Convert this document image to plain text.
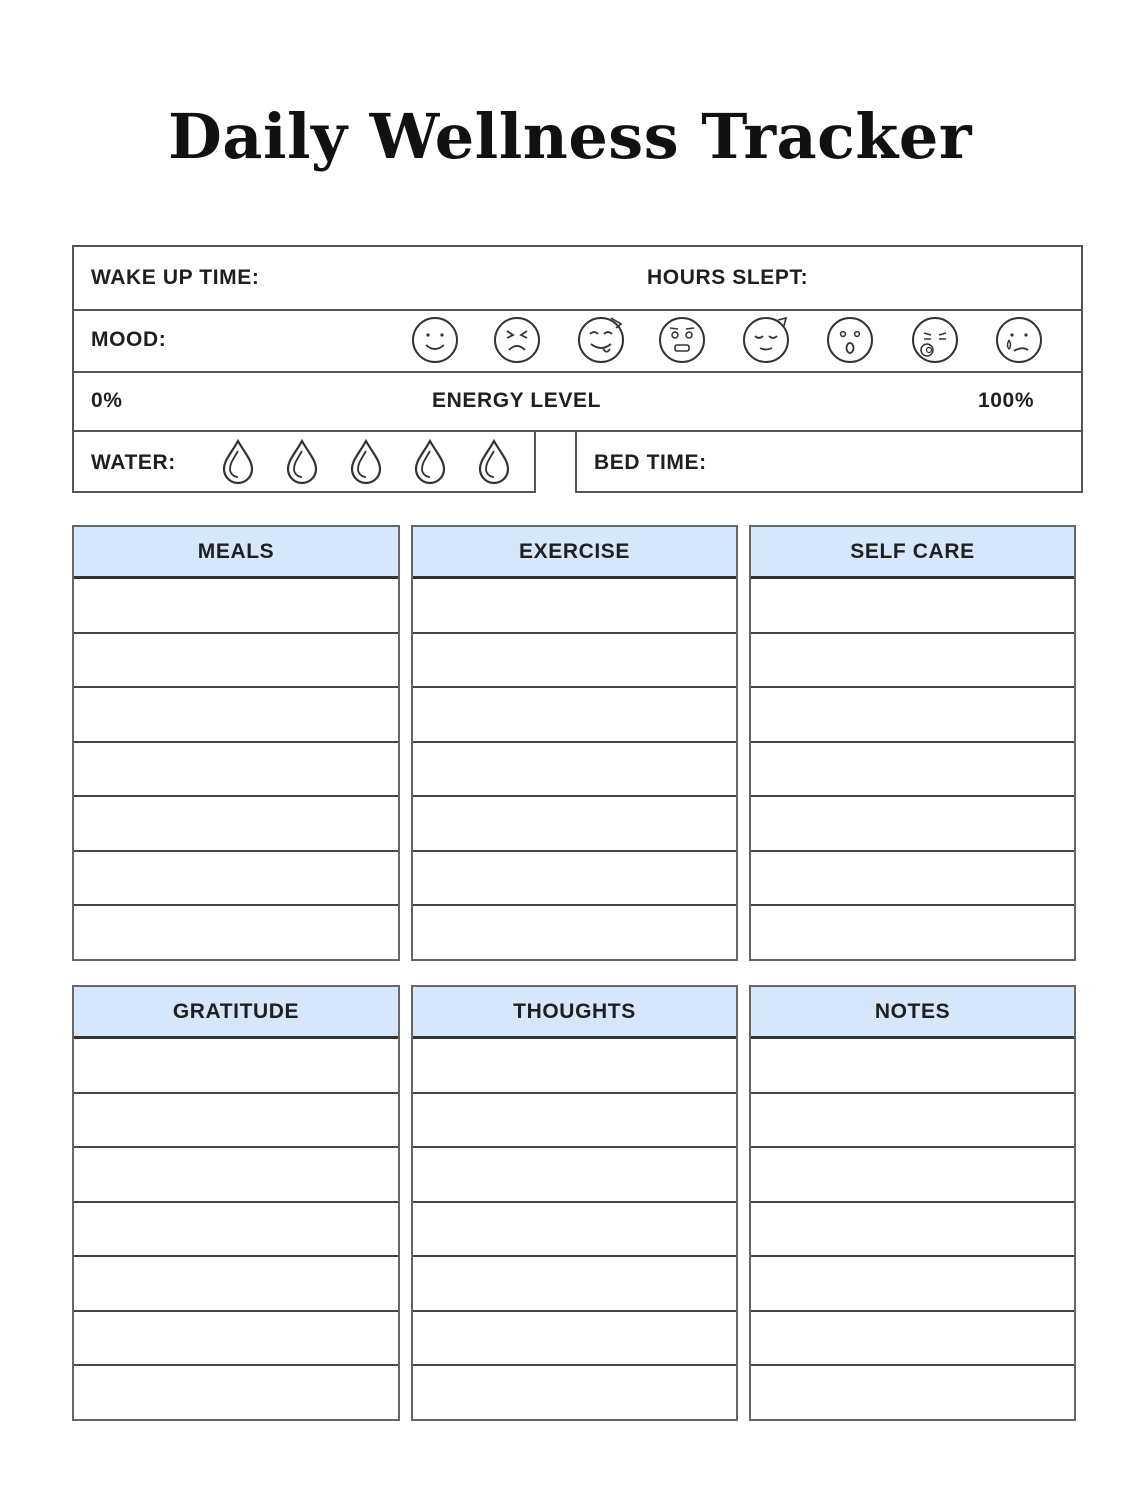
Daily Wellness Tracker
WAKE UP TIME:	HOURS SLEPT:
MOOD:
0%	ENERGY LEVEL	100%
WATER:	BED TIME:
MEALS	EXERCISE	SELF CARE
GRATITUDE	THOUGHTS	NOTES
